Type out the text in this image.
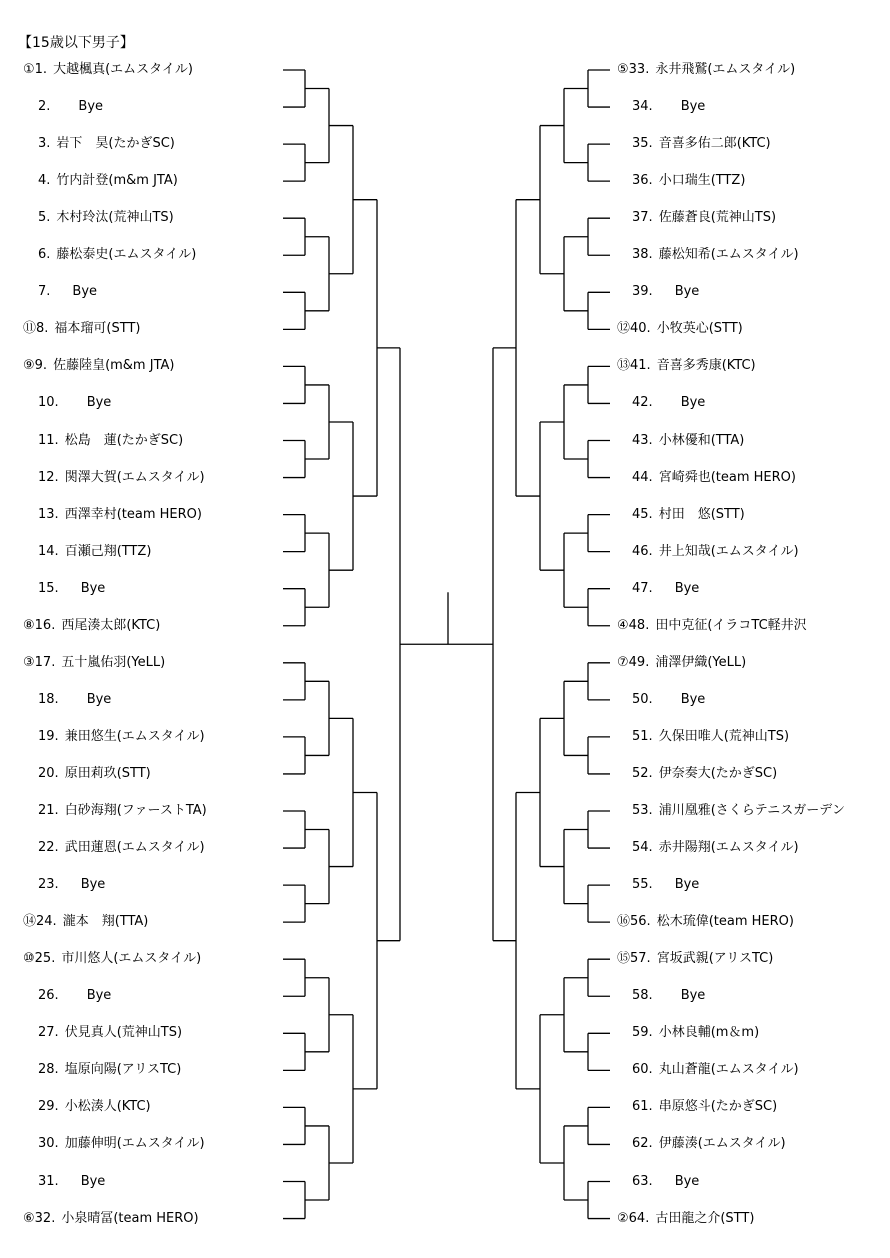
【15歳以下男子】
①1. 大越楓真(エムスタイル)
2. Bye
3. 岩下　昊(たかぎSC)
4. 竹内計登(m&m JTA)
5. 木村玲汰(荒神山TS)
6. 藤松泰史(エムスタイル)
7. Bye
⑪8. 福本瑠可(STT)
⑨9. 佐藤陸皇(m&m JTA)
10. Bye
11. 松島　蓮(たかぎSC)
12. 関澤大賀(エムスタイル)
13. 西澤幸村(team HERO)
14. 百瀬己翔(TTZ)
15. Bye
⑧16. 西尾湊太郎(KTC)
③17. 五十嵐佑羽(YeLL)
18. Bye
19. 兼田悠生(エムスタイル)
20. 原田莉玖(STT)
21. 白砂海翔(ファーストTA)
22. 武田蓮恩(エムスタイル)
23. Bye
⑭24. 瀧本　翔(TTA)
⑩25. 市川悠人(エムスタイル)
26. Bye
27. 伏見真人(荒神山TS)
28. 塩原向陽(アリスTC)
29. 小松湊人(KTC)
30. 加藤伸明(エムスタイル)
31. Bye
⑥32. 小泉晴冨(team HERO)
⑤33. 永井飛鷲(エムスタイル)
34. Bye
35. 音喜多佑二郎(KTC)
36. 小口瑞生(TTZ)
37. 佐藤蒼良(荒神山TS)
38. 藤松知希(エムスタイル)
39. Bye
⑫40. 小牧英心(STT)
⑬41. 音喜多秀康(KTC)
42. Bye
43. 小林優和(TTA)
44. 宮崎舜也(team HERO)
45. 村田　悠(STT)
46. 井上知哉(エムスタイル)
47. Bye
④48. 田中克征(イラコTC軽井沢
⑦49. 浦澤伊織(YeLL)
50. Bye
51. 久保田唯人(荒神山TS)
52. 伊奈奏大(たかぎSC)
53. 浦川凰雅(さくらテニスガーデン
54. 赤井陽翔(エムスタイル)
55. Bye
⑯56. 松木琉偉(team HERO)
⑮57. 宮坂武親(アリスTC)
58. Bye
59. 小林良輔(m＆m)
60. 丸山蒼龍(エムスタイル)
61. 串原悠斗(たかぎSC)
62. 伊藤湊(エムスタイル)
63. Bye
②64. 古田龍之介(STT)
